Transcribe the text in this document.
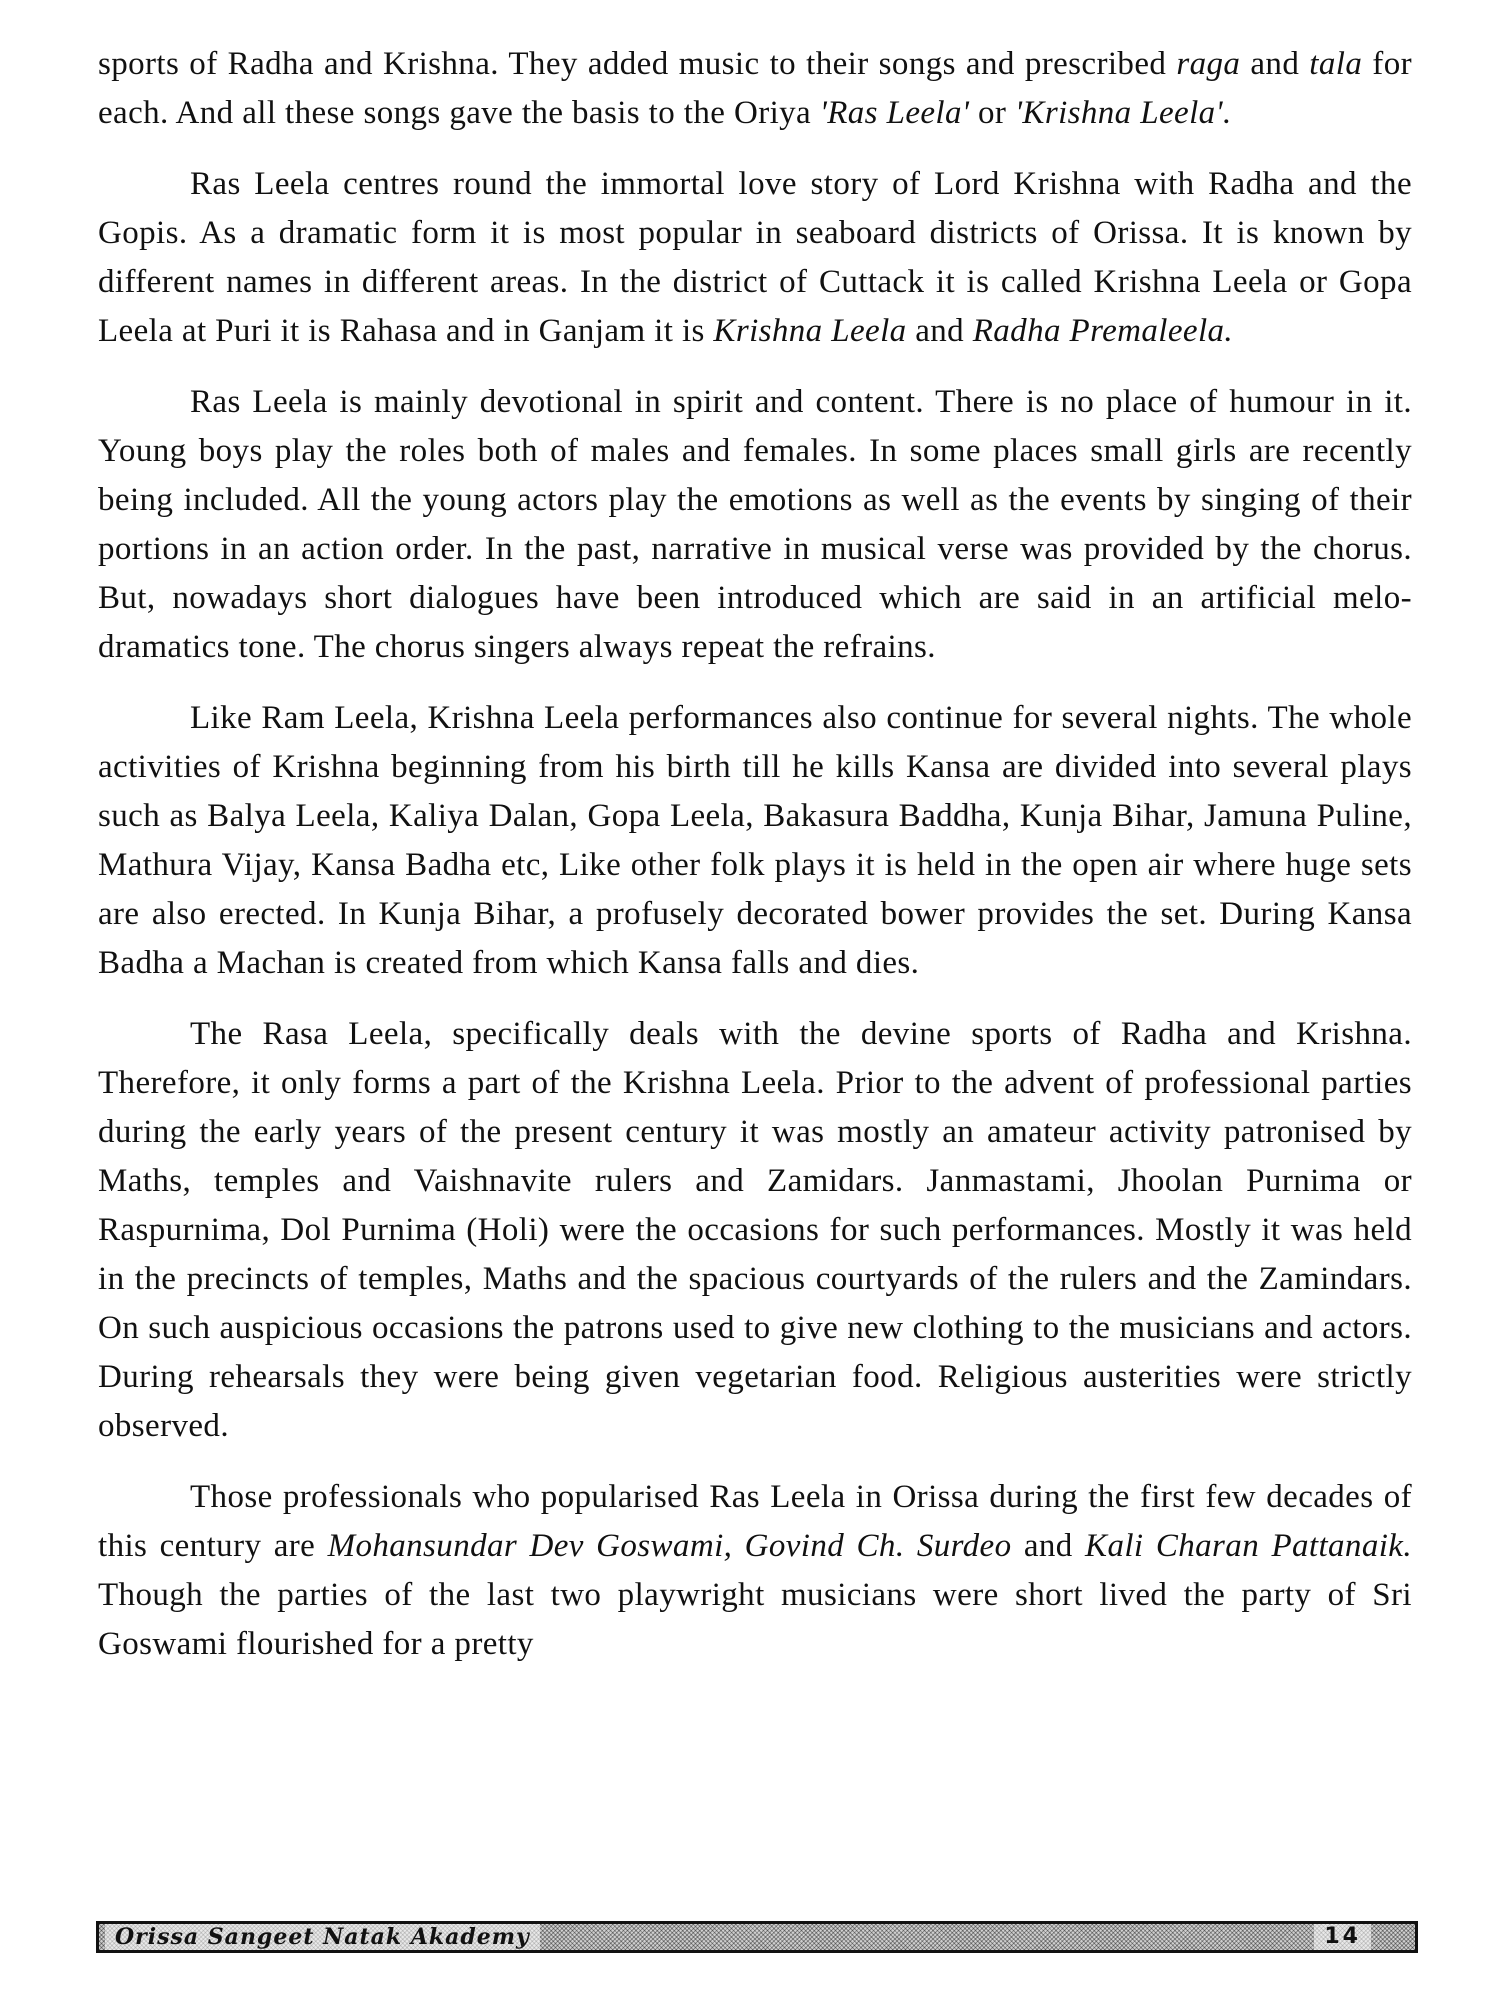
sports of Radha and Krishna. They added music to their songs and prescribed raga and tala for each. And all these songs gave the basis to the Oriya 'Ras Leela' or 'Krishna Leela'.

Ras Leela centres round the immortal love story of Lord Krishna with Radha and the Gopis. As a dramatic form it is most popular in seaboard districts of Orissa. It is known by different names in different areas. In the district of Cuttack it is called Krishna Leela or Gopa Leela at Puri it is Rahasa and in Ganjam it is Krishna Leela and Radha Premaleela.

Ras Leela is mainly devotional in spirit and content. There is no place of humour in it. Young boys play the roles both of males and females. In some places small girls are recently being included. All the young actors play the emotions as well as the events by singing of their portions in an action order. In the past, narrative in musical verse was provided by the chorus. But, nowadays short dialogues have been introduced which are said in an artificial melo-dramatics tone. The chorus singers always repeat the refrains.

Like Ram Leela, Krishna Leela performances also continue for several nights. The whole activities of Krishna beginning from his birth till he kills Kansa are divided into several plays such as Balya Leela, Kaliya Dalan, Gopa Leela, Bakasura Baddha, Kunja Bihar, Jamuna Puline, Mathura Vijay, Kansa Badha etc, Like other folk plays it is held in the open air where huge sets are also erected. In Kunja Bihar, a profusely decorated bower provides the set. During Kansa Badha a Machan is created from which Kansa falls and dies.

The Rasa Leela, specifically deals with the devine sports of Radha and Krishna. Therefore, it only forms a part of the Krishna Leela. Prior to the advent of professional parties during the early years of the present century it was mostly an amateur activity patronised by Maths, temples and Vaishnavite rulers and Zamidars. Janmastami, Jhoolan Purnima or Raspurnima, Dol Purnima (Holi) were the occasions for such performances. Mostly it was held in the precincts of temples, Maths and the spacious courtyards of the rulers and the Zamindars. On such auspicious occasions the patrons used to give new clothing to the musicians and actors. During rehearsals they were being given vegetarian food. Religious austerities were strictly observed.

Those professionals who popularised Ras Leela in Orissa during the first few decades of this century are Mohansundar Dev Goswami, Govind Ch. Surdeo and Kali Charan Pattanaik. Though the parties of the last two playwright musicians were short lived the party of Sri Goswami flourished for a pretty

Orissa Sangeet Natak Akademy	14
